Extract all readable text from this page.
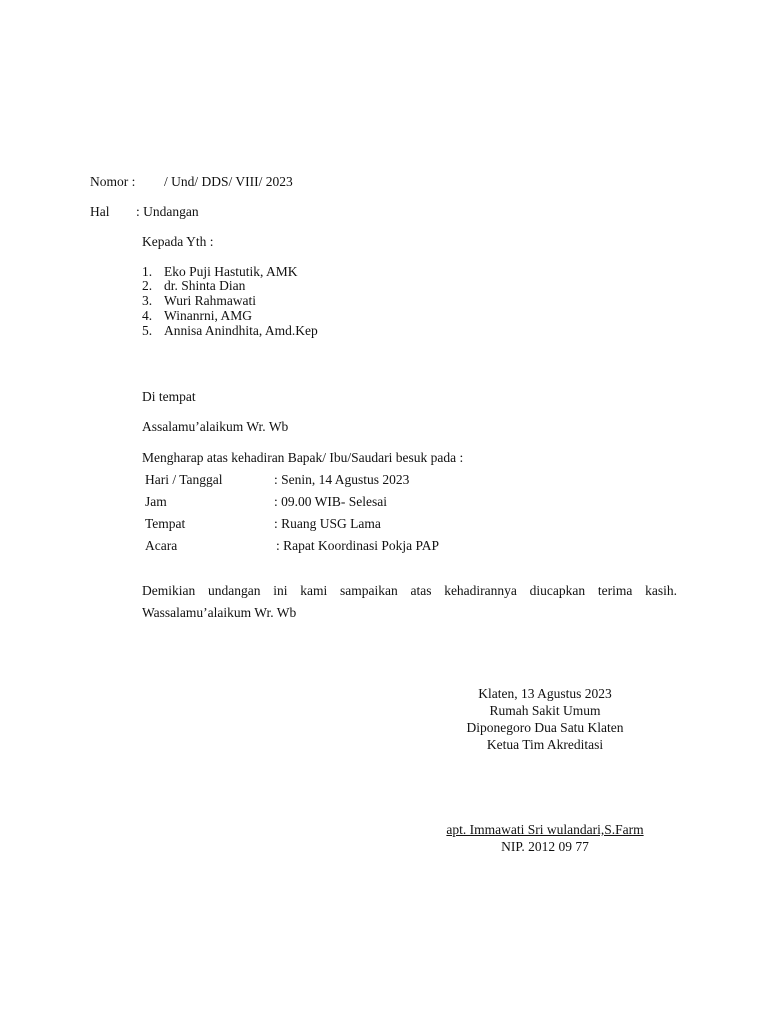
Nomor : / Und/ DDS/ VIII/ 2023
Hal : Undangan
Kepada Yth :
1. Eko Puji Hastutik, AMK
2. dr. Shinta Dian
3. Wuri Rahmawati
4. Winanrni, AMG
5. Annisa Anindhita, Amd.Kep
Di tempat
Assalamu’alaikum Wr. Wb
Mengharap atas kehadiran Bapak/ Ibu/Saudari besuk pada :
Hari / Tanggal	: Senin, 14 Agustus 2023
Jam	: 09.00 WIB- Selesai
Tempat	: Ruang USG Lama
Acara	: Rapat Koordinasi Pokja PAP
Demikian undangan ini kami sampaikan atas kehadirannya diucapkan terima kasih.
Wassalamu’alaikum Wr. Wb
Klaten, 13 Agustus 2023
Rumah Sakit Umum
Diponegoro Dua Satu Klaten
Ketua Tim Akreditasi
apt. Immawati Sri wulandari,S.Farm
NIP. 2012 09 77
